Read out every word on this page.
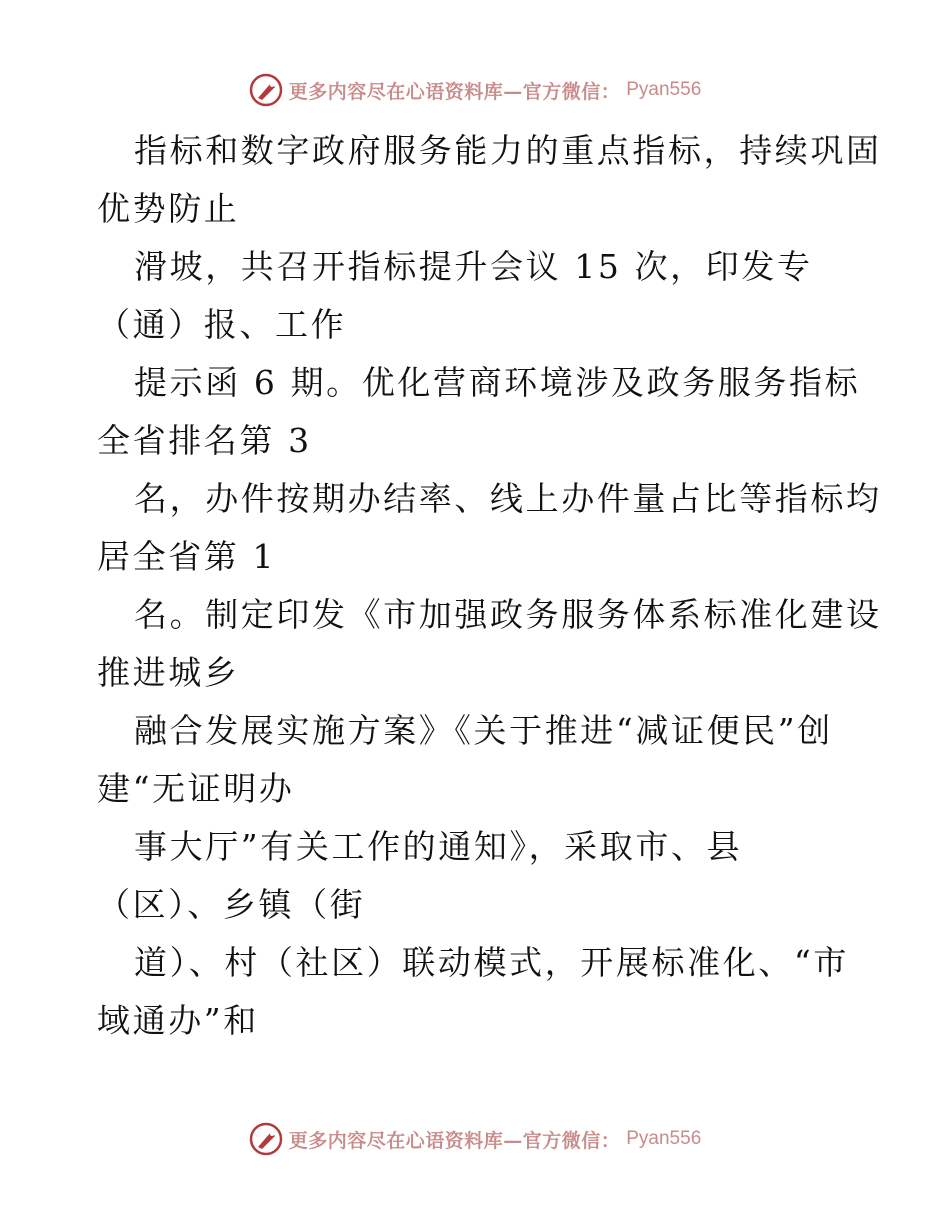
更多内容尽在心语资料库—官方微信： Pyan556
指标和数字政府服务能力的重点指标，持续巩固
优势防止
滑坡，共召开指标提升会议 15 次，印发专
（通）报、工作
提示函 6 期。优化营商环境涉及政务服务指标
全省排名第 3
名，办件按期办结率、线上办件量占比等指标均
居全省第 1
名。制定印发《市加强政务服务体系标准化建设
推进城乡
融合发展实施方案》《关于推进“减证便民”创
建“无证明办
事大厅”有关工作的通知》，采取市、县
（区）、乡镇（街
道）、村（社区）联动模式，开展标准化、“市
域通办”和
更多内容尽在心语资料库—官方微信： Pyan556
